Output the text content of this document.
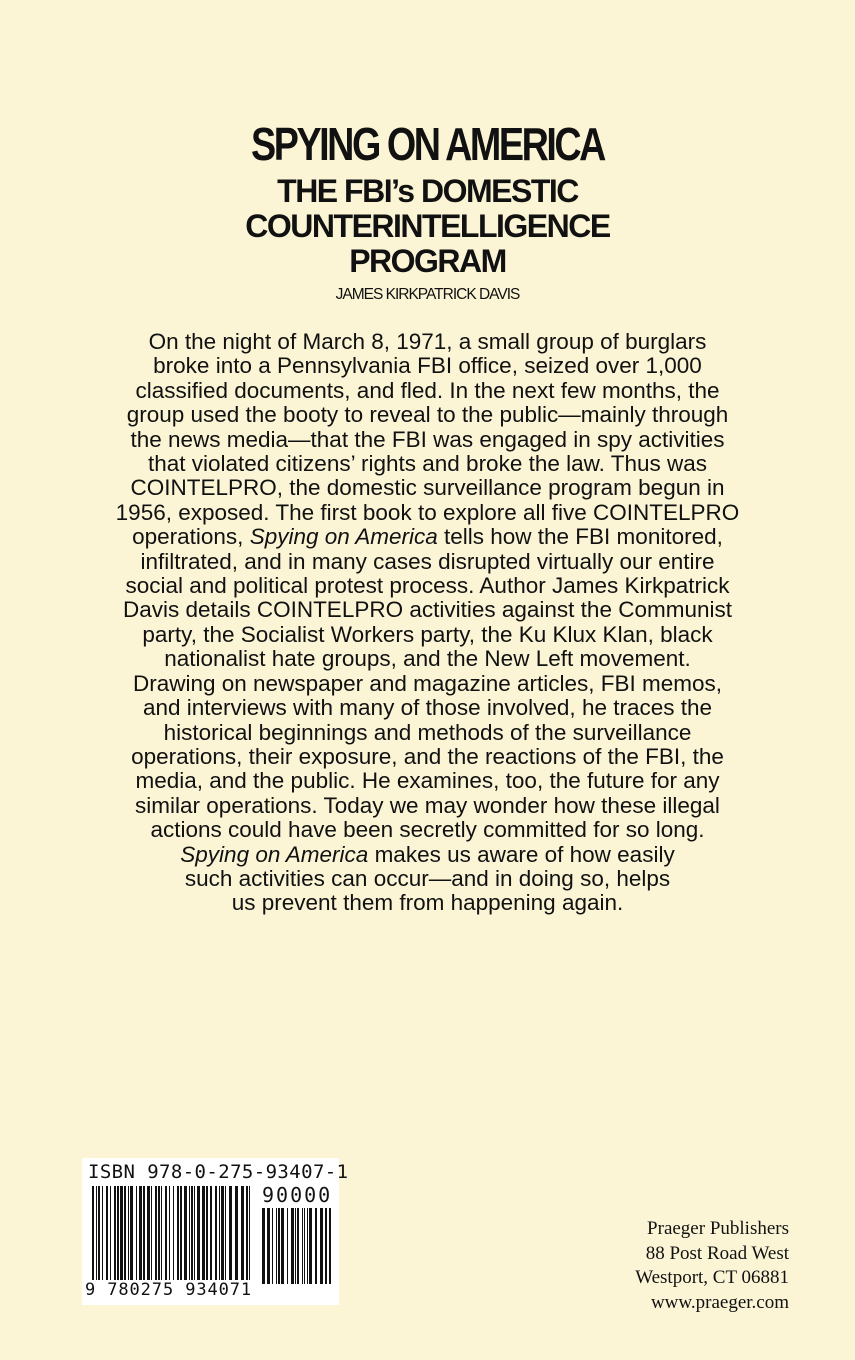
SPYING ON AMERICA
THE FBI’s DOMESTIC
COUNTERINTELLIGENCE
PROGRAM
JAMES KIRKPATRICK DAVIS
On the night of March 8, 1971, a small group of burglars
broke into a Pennsylvania FBI office, seized over 1,000
classified documents, and fled. In the next few months, the
group used the booty to reveal to the public—mainly through
the news media—that the FBI was engaged in spy activities
that violated citizens’ rights and broke the law. Thus was
COINTELPRO, the domestic surveillance program begun in
1956, exposed. The first book to explore all five COINTELPRO
operations, Spying on America tells how the FBI monitored,
infiltrated, and in many cases disrupted virtually our entire
social and political protest process. Author James Kirkpatrick
Davis details COINTELPRO activities against the Communist
party, the Socialist Workers party, the Ku Klux Klan, black
nationalist hate groups, and the New Left movement.
Drawing on newspaper and magazine articles, FBI memos,
and interviews with many of those involved, he traces the
historical beginnings and methods of the surveillance
operations, their exposure, and the reactions of the FBI, the
media, and the public. He examines, too, the future for any
similar operations. Today we may wonder how these illegal
actions could have been secretly committed for so long.
Spying on America makes us aware of how easily
such activities can occur—and in doing so, helps
us prevent them from happening again.
ISBN 978-0-275-93407-1
90000
9 780275 934071
Praeger Publishers
88 Post Road West
Westport, CT 06881
www.praeger.com
